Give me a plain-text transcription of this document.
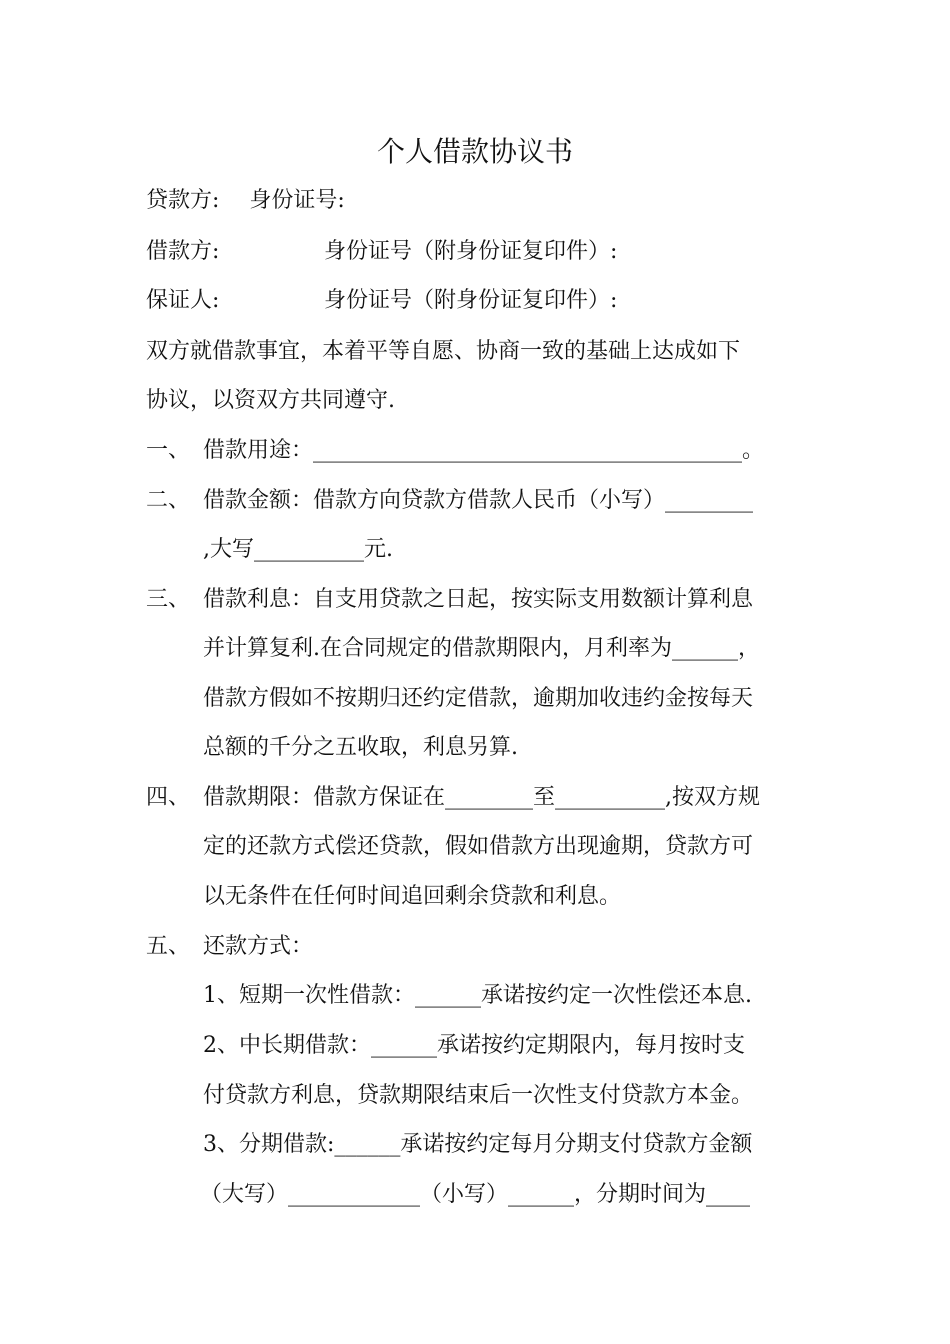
个人借款协议书
贷款方: 身份证号:
借款方:	身份证号（附身份证复印件）:
保证人:	身份证号（附身份证复印件）:
双方就借款事宜，本着平等自愿、协商一致的基础上达成如下
协议，以资双方共同遵守.
一、 借款用途：_______________________________________。
二、 借款金额：借款方向贷款方借款人民币（小写）________
,大写__________元.
三、 借款利息：自支用贷款之日起，按实际支用数额计算利息
并计算复利.在合同规定的借款期限内，月利率为______，
借款方假如不按期归还约定借款，逾期加收违约金按每天
总额的千分之五收取，利息另算.
四、 借款期限：借款方保证在________至__________,按双方规
定的还款方式偿还贷款，假如借款方出现逾期，贷款方可
以无条件在任何时间追回剩余贷款和利息。
五、 还款方式：
1、短期一次性借款：______承诺按约定一次性偿还本息.
2、中长期借款：______承诺按约定期限内，每月按时支
付贷款方利息，贷款期限结束后一次性支付贷款方本金。
3、分期借款:______承诺按约定每月分期支付贷款方金额
（大写）____________（小写）______，分期时间为____
